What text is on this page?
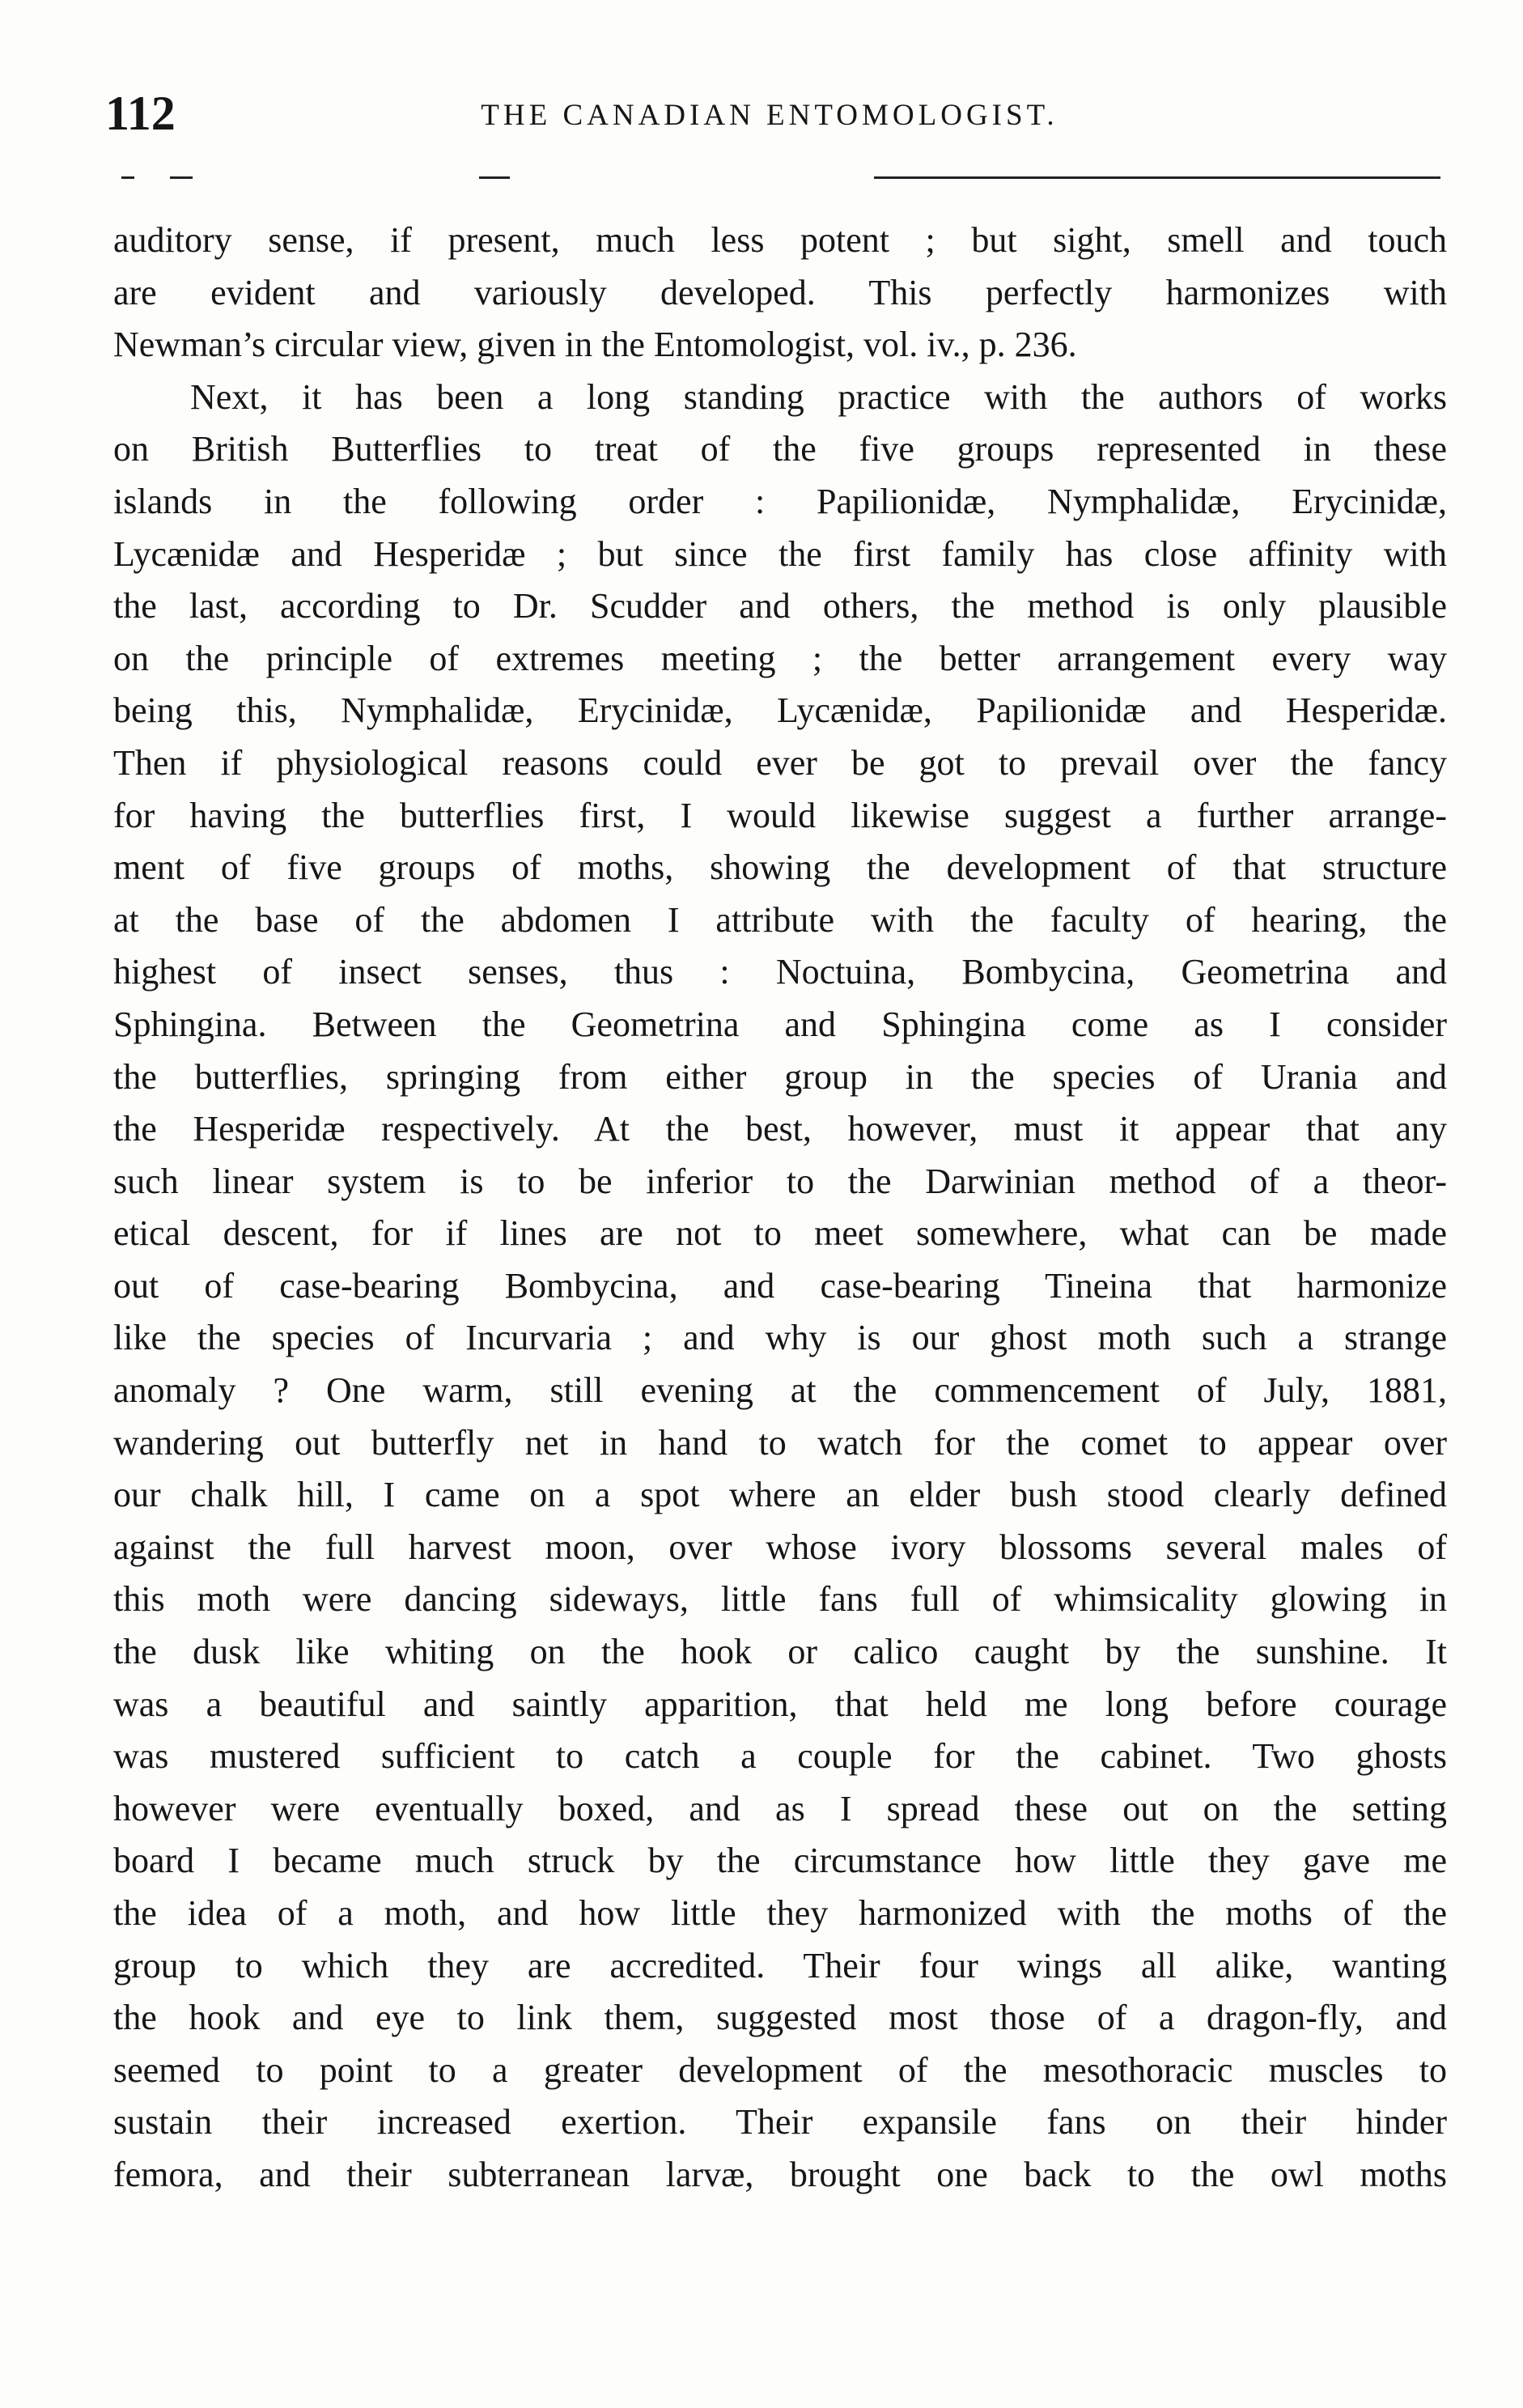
112	THE CANADIAN ENTOMOLOGIST.
auditory sense, if present, much less potent ; but sight, smell and touch
are evident and variously developed. This perfectly harmonizes with
Newman’s circular view, given in the Entomologist, vol. iv., p. 236.
Next, it has been a long standing practice with the authors of works
on British Butterflies to treat of the five groups represented in these
islands in the following order : Papilionidæ, Nymphalidæ, Erycinidæ,
Lycænidæ and Hesperidæ ; but since the first family has close affinity with
the last, according to Dr. Scudder and others, the method is only plausible
on the principle of extremes meeting ; the better arrangement every way
being this, Nymphalidæ, Erycinidæ, Lycænidæ, Papilionidæ and Hesperidæ.
Then if physiological reasons could ever be got to prevail over the fancy
for having the butterflies first, I would likewise suggest a further arrange-
ment of five groups of moths, showing the development of that structure
at the base of the abdomen I attribute with the faculty of hearing, the
highest of insect senses, thus : Noctuina, Bombycina, Geometrina and
Sphingina. Between the Geometrina and Sphingina come as I consider
the butterflies, springing from either group in the species of Urania and
the Hesperidæ respectively. At the best, however, must it appear that any
such linear system is to be inferior to the Darwinian method of a theor-
etical descent, for if lines are not to meet somewhere, what can be made
out of case-bearing Bombycina, and case-bearing Tineina that harmonize
like the species of Incurvaria ; and why is our ghost moth such a strange
anomaly ? One warm, still evening at the commencement of July, 1881,
wandering out butterfly net in hand to watch for the comet to appear over
our chalk hill, I came on a spot where an elder bush stood clearly defined
against the full harvest moon, over whose ivory blossoms several males of
this moth were dancing sideways, little fans full of whimsicality glowing in
the dusk like whiting on the hook or calico caught by the sunshine. It
was a beautiful and saintly apparition, that held me long before courage
was mustered sufficient to catch a couple for the cabinet. Two ghosts
however were eventually boxed, and as I spread these out on the setting
board I became much struck by the circumstance how little they gave me
the idea of a moth, and how little they harmonized with the moths of the
group to which they are accredited. Their four wings all alike, wanting
the hook and eye to link them, suggested most those of a dragon-fly, and
seemed to point to a greater development of the mesothoracic muscles to
sustain their increased exertion. Their expansile fans on their hinder
femora, and their subterranean larvæ, brought one back to the owl moths
